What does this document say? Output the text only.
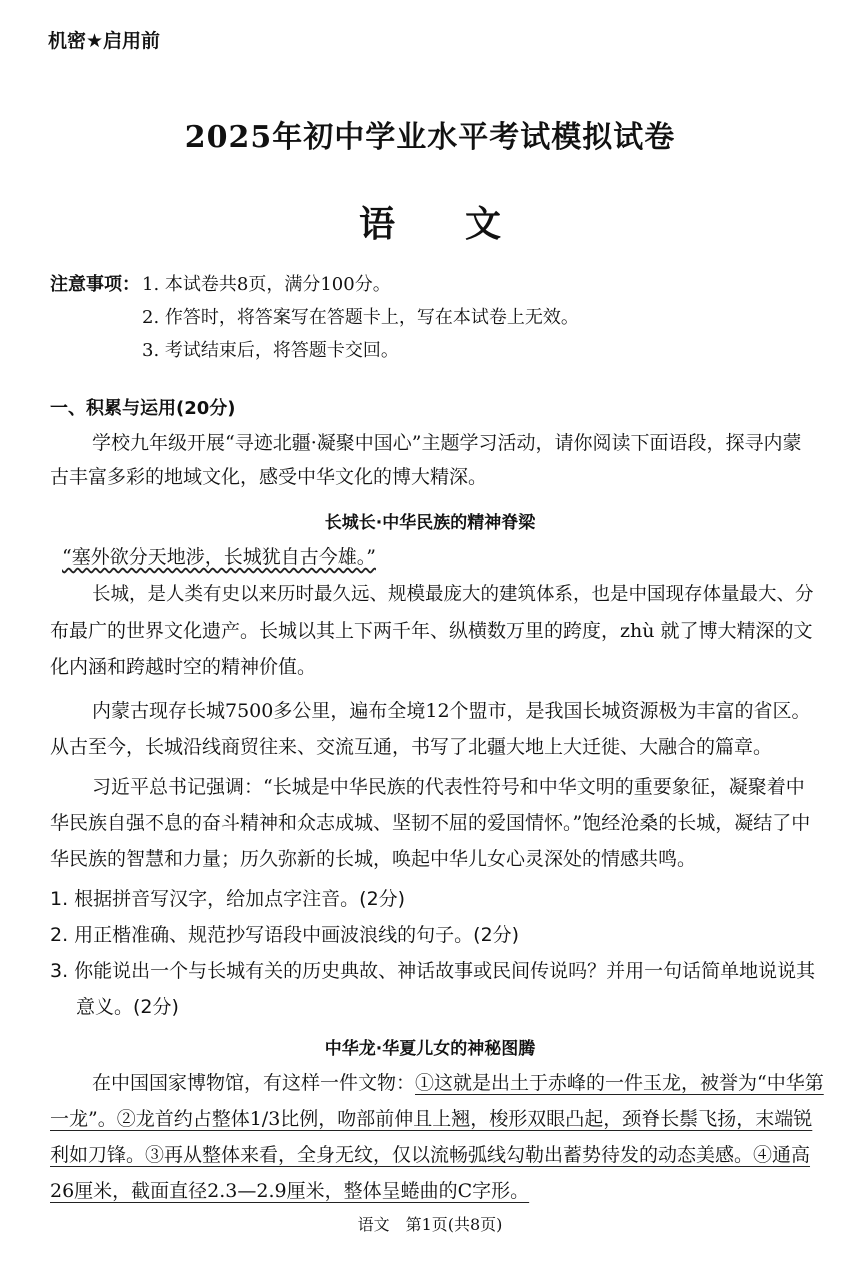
机密★启用前
2025年初中学业水平考试模拟试卷
语文
注意事项： 1. 本试卷共8页，满分100分。
2. 作答时，将答案写在答题卡上，写在本试卷上无效。
3. 考试结束后，将答题卡交回。
一、积累与运用(20分)
学校九年级开展“寻迹北疆·凝聚中国心”主题学习活动，请你阅读下面语段，探寻内蒙
古丰富多彩的地域文化，感受中华文化的博大精深。
长城长·中华民族的精神脊梁
“塞外欲分天地涉，长城犹自古今雄。”
长城，是人类有史以来历时最久远、规模最庞大的建筑体系，也是中国现存体量最大、分
布最广的世界文化遗产。长城以其上下两千年、纵横数万里的跨度，zhù 就了博大精深的文
化内涵和跨越时空的精神价值。
内蒙古现存长城7500多公里，遍布全境12个盟市，是我国长城资源极为丰富的省区。
从古至今，长城沿线商贸往来、交流互通，书写了北疆大地上大迁徙、大融合的篇章。
习近平总书记强调：“长城是中华民族的代表性符号和中华文明的重要象征，凝聚着中
华民族自强不息的奋斗精神和众志成城、坚韧不屈的爱国情怀。”饱经沧桑的长城，凝结了中
华民族的智慧和力量；历久弥新的长城，唤起中华儿女心灵深处的情感共鸣。
1. 根据拼音写汉字，给加点字注音。(2分)
2. 用正楷准确、规范抄写语段中画波浪线的句子。(2分)
3. 你能说出一个与长城有关的历史典故、神话故事或民间传说吗？并用一句话简单地说说其
意义。(2分)
中华龙·华夏儿女的神秘图腾
在中国国家博物馆，有这样一件文物：①这就是出土于赤峰的一件玉龙，被誉为“中华第
一龙”。②龙首约占整体1/3比例，吻部前伸且上翘，梭形双眼凸起，颈脊长鬃飞扬，末端锐
利如刀锋。③再从整体来看，全身无纹，仅以流畅弧线勾勒出蓄势待发的动态美感。④通高
26厘米，截面直径2.3—2.9厘米，整体呈蜷曲的C字形。
语文　第1页(共8页)
